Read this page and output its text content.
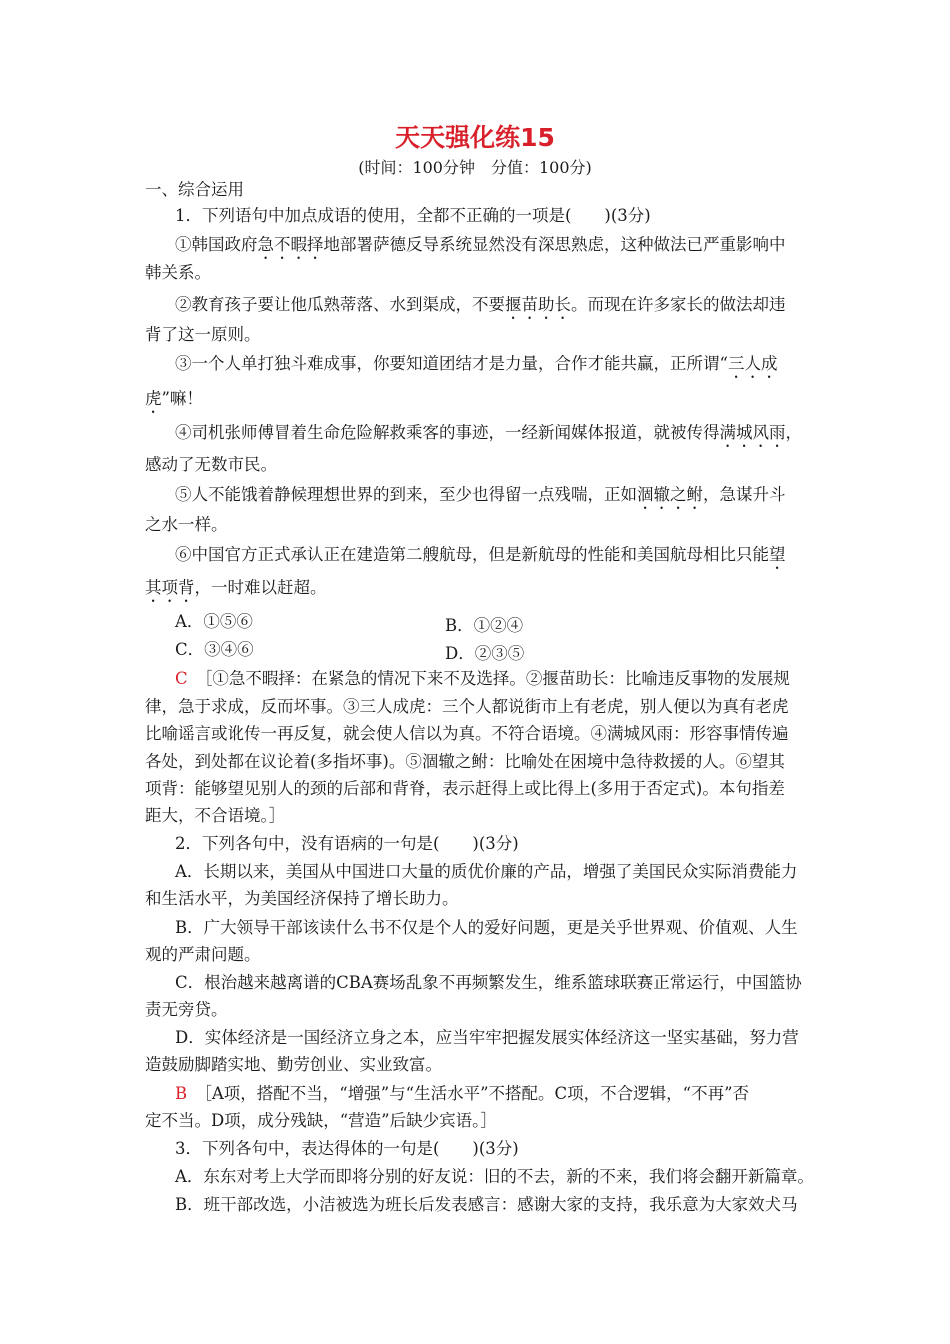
天天强化练15
(时间：100分钟　分值：100分)
一、综合运用
1．下列语句中加点成语的使用，全都不正确的一项是(　　)(3分)
①韩国政府急不暇择地部署萨德反导系统显然没有深思熟虑，这种做法已严重影响中
韩关系。
②教育孩子要让他瓜熟蒂落、水到渠成，不要揠苗助长。而现在许多家长的做法却违
背了这一原则。
③一个人单打独斗难成事，你要知道团结才是力量，合作才能共赢，正所谓“三人成
虎”嘛！
④司机张师傅冒着生命危险解救乘客的事迹，一经新闻媒体报道，就被传得满城风雨，
感动了无数市民。
⑤人不能饿着静候理想世界的到来，至少也得留一点残喘，正如涸辙之鲋，急谋升斗
之水一样。
⑥中国官方正式承认正在建造第二艘航母，但是新航母的性能和美国航母相比只能望
其项背，一时难以赶超。
A．①⑤⑥	B．①②④
C．③④⑥	D．②③⑤
C　 ［①急不暇择：在紧急的情况下来不及选择。②揠苗助长：比喻违反事物的发展规
律，急于求成，反而坏事。③三人成虎：三个人都说街市上有老虎，别人便以为真有老虎
比喻谣言或讹传一再反复，就会使人信以为真。不符合语境。④满城风雨：形容事情传遍
各处，到处都在议论着(多指坏事)。⑤涸辙之鲋：比喻处在困境中急待救援的人。⑥望其
项背：能够望见别人的颈的后部和背脊，表示赶得上或比得上(多用于否定式)。本句指差
距大，不合语境。］
2．下列各句中，没有语病的一句是(　　)(3分)
A．长期以来，美国从中国进口大量的质优价廉的产品，增强了美国民众实际消费能力
和生活水平，为美国经济保持了增长助力。
B．广大领导干部该读什么书不仅是个人的爱好问题，更是关乎世界观、价值观、人生
观的严肃问题。
C．根治越来越离谱的CBA赛场乱象不再频繁发生，维系篮球联赛正常运行，中国篮协
责无旁贷。
D．实体经济是一国经济立身之本，应当牢牢把握发展实体经济这一坚实基础，努力营
造鼓励脚踏实地、勤劳创业、实业致富。
B　 ［A项，搭配不当，“增强”与“生活水平”不搭配。C项，不合逻辑，“不再”否
定不当。D项，成分残缺，“营造”后缺少宾语。］
3．下列各句中，表达得体的一句是(　　)(3分)
A．东东对考上大学而即将分别的好友说：旧的不去，新的不来，我们将会翻开新篇章。
B．班干部改选，小洁被选为班长后发表感言：感谢大家的支持，我乐意为大家效犬马
